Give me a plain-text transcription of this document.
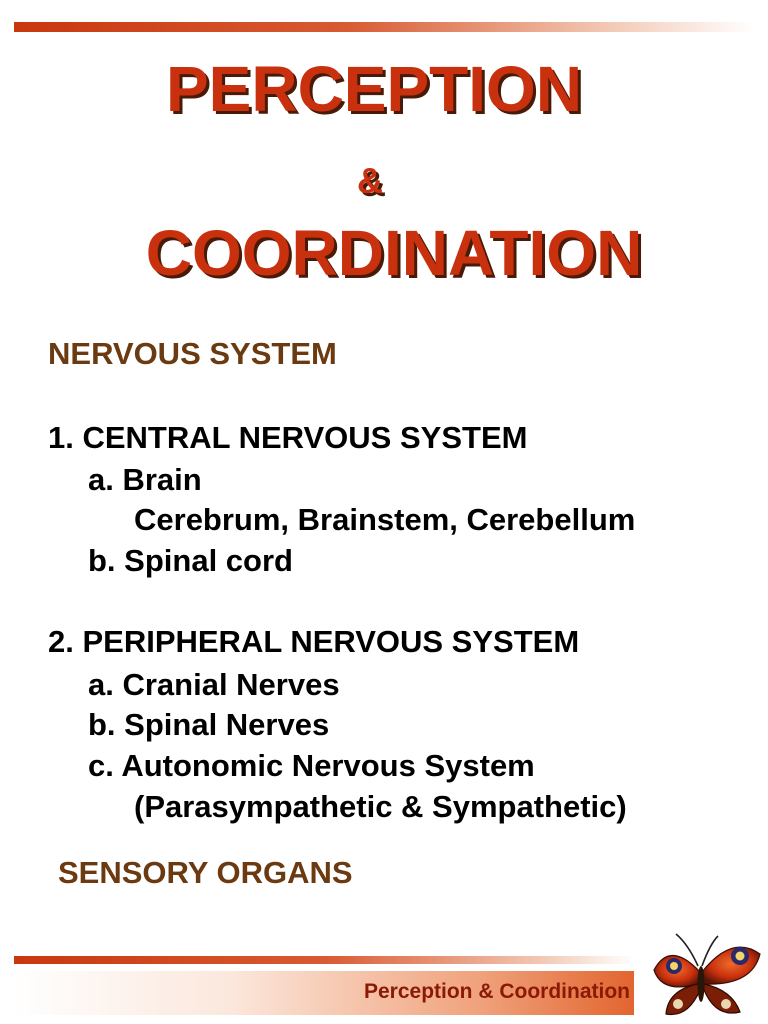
PERCEPTION
&
COORDINATION
NERVOUS SYSTEM
1. CENTRAL NERVOUS SYSTEM
a. Brain
Cerebrum, Brainstem, Cerebellum
b. Spinal cord
2. PERIPHERAL NERVOUS SYSTEM
a. Cranial Nerves
b. Spinal Nerves
c. Autonomic Nervous System
(Parasympathetic & Sympathetic)
SENSORY ORGANS
Perception & Coordination
